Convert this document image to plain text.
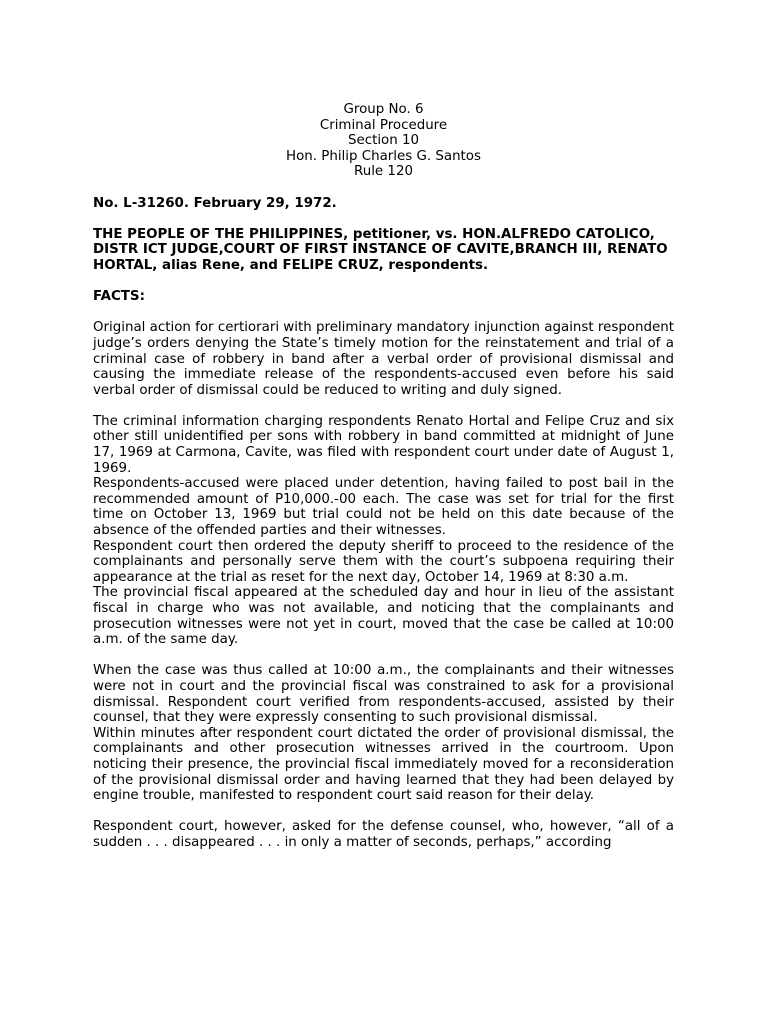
Group No. 6
Criminal Procedure
Section 10
Hon. Philip Charles G. Santos
Rule 120
No. L-31260. February 29, 1972.
THE PEOPLE OF THE PHILIPPINES, petitioner, vs. HON.ALFREDO CATOLICO, DISTR ICT JUDGE,COURT OF FIRST INSTANCE OF CAVITE,BRANCH III, RENATO HORTAL, alias Rene, and FELIPE CRUZ, respondents.
FACTS:
Original action for certiorari with preliminary mandatory injunction against respondent judge’s orders denying the State’s timely motion for the reinstatement and trial of a criminal case of robbery in band after a verbal order of provisional dismissal and causing the immediate release of the respondents-accused even before his said verbal order of dismissal could be reduced to writing and duly signed.
The criminal information charging respondents Renato Hortal and Felipe Cruz and six other still unidentified per sons with robbery in band committed at midnight of June 17, 1969 at Carmona, Cavite, was filed with respondent court under date of August 1, 1969.
Respondents-accused were placed under detention, having failed to post bail in the recommended amount of P10,000.-00 each. The case was set for trial for the first time on October 13, 1969 but trial could not be held on this date because of the absence of the offended parties and their witnesses.
Respondent court then ordered the deputy sheriff to proceed to the residence of the complainants and personally serve them with the court’s subpoena requiring their appearance at the trial as reset for the next day, October 14, 1969 at 8:30 a.m.
The provincial fiscal appeared at the scheduled day and hour in lieu of the assistant fiscal in charge who was not available, and noticing that the complainants and prosecution witnesses were not yet in court, moved that the case be called at 10:00 a.m. of the same day.
When the case was thus called at 10:00 a.m., the complainants and their witnesses were not in court and the provincial fiscal was constrained to ask for a provisional dismissal. Respondent court verified from respondents-accused, assisted by their counsel, that they were expressly consenting to such provisional dismissal.
Within minutes after respondent court dictated the order of provisional dismissal, the complainants and other prosecution witnesses arrived in the courtroom. Upon noticing their presence, the provincial fiscal immediately moved for a reconsideration of the provisional dismissal order and having learned that they had been delayed by engine trouble, manifested to respondent court said reason for their delay.
Respondent court, however, asked for the defense counsel, who, however, “all of a sudden . . . disappeared . . . in only a matter of seconds, perhaps,” according
